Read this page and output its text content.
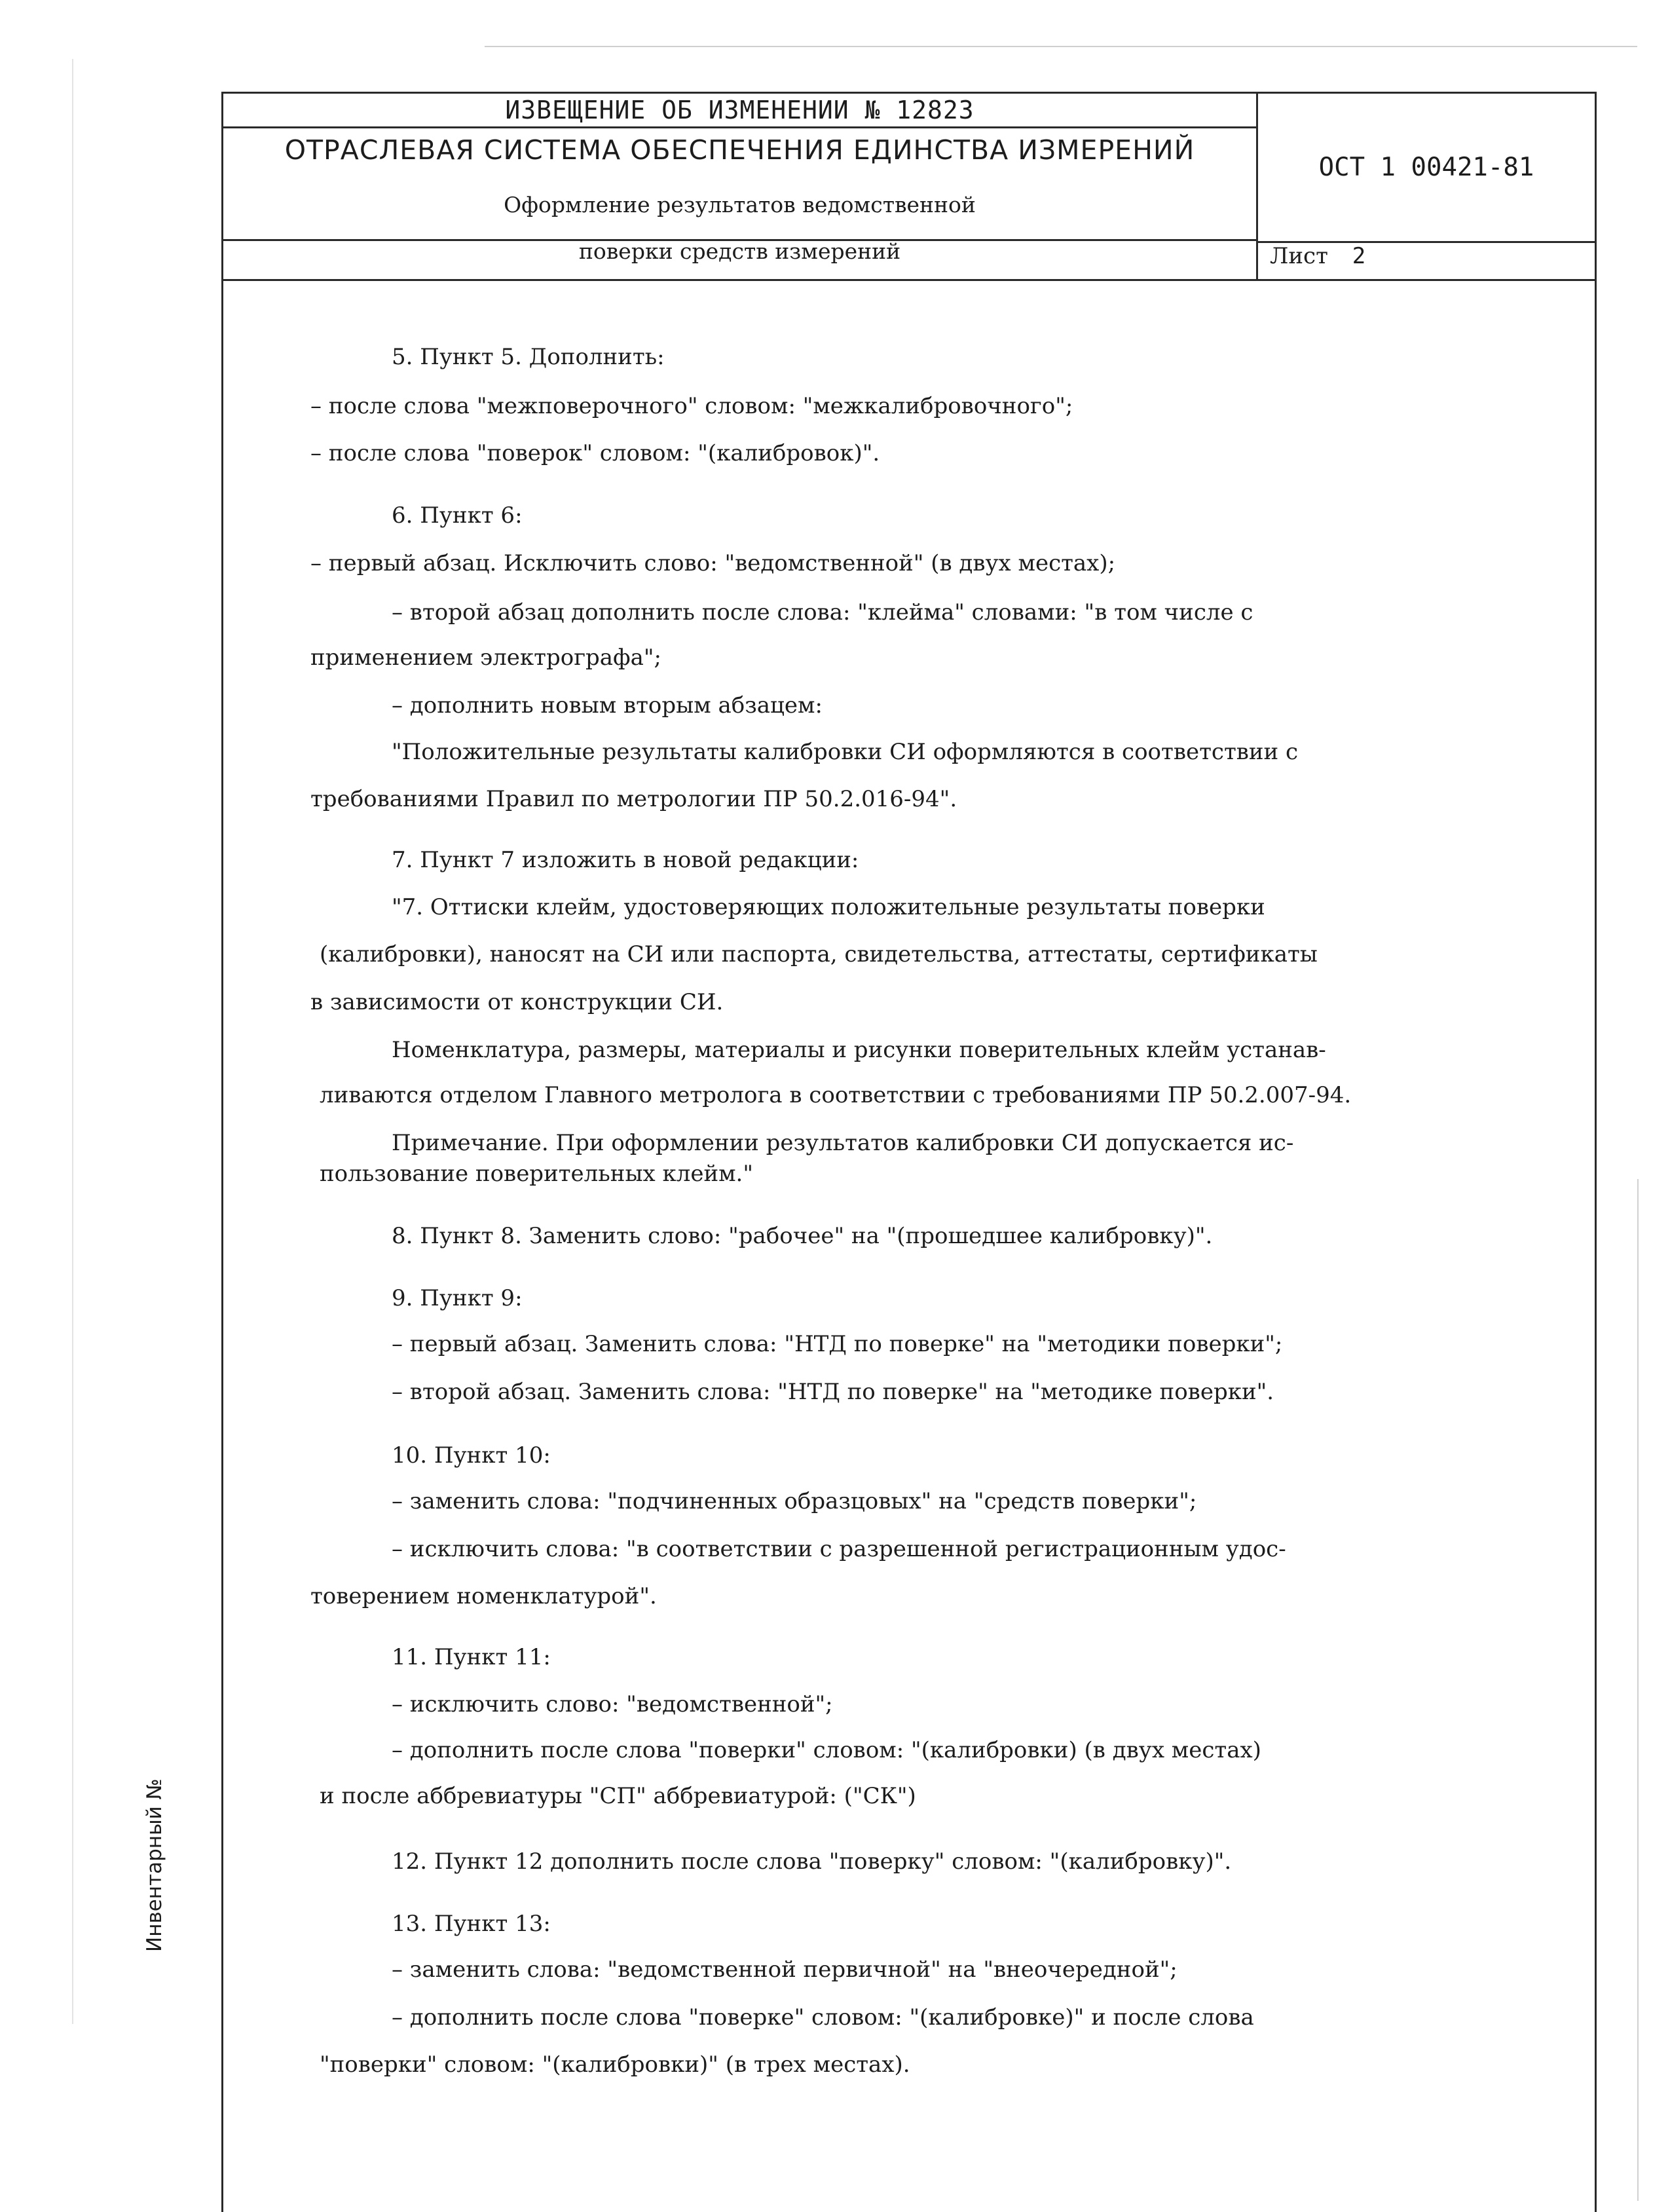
ИЗВЕЩЕНИЕ ОБ ИЗМЕНЕНИИ № 12823
ОТРАСЛЕВАЯ СИСТЕМА ОБЕСПЕЧЕНИЯ ЕДИНСТВА ИЗМЕРЕНИЙ
Оформление результатов ведомственной
поверки средств измерений
ОСТ 1 00421-81
Лист 2
5. Пункт 5. Дополнить:
– после слова "межповерочного" словом: "межкалибровочного";
– после слова "поверок" словом: "(калибровок)".
6. Пункт 6:
– первый абзац. Исключить слово: "ведомственной" (в двух местах);
– второй абзац дополнить после слова: "клейма" словами: "в том числе с
применением электрографа";
– дополнить новым вторым абзацем:
"Положительные результаты калибровки СИ оформляются в соответствии с
требованиями Правил по метрологии ПР 50.2.016-94".
7. Пункт 7 изложить в новой редакции:
"7. Оттиски клейм, удостоверяющих положительные результаты поверки
(калибровки), наносят на СИ или паспорта, свидетельства, аттестаты, сертификаты
в зависимости от конструкции СИ.
Номенклатура, размеры, материалы и рисунки поверительных клейм устанав-
ливаются отделом Главного метролога в соответствии с требованиями ПР 50.2.007-94.
Примечание. При оформлении результатов калибровки СИ допускается ис-
пользование поверительных клейм."
8. Пункт 8. Заменить слово: "рабочее" на "(прошедшее калибровку)".
9. Пункт 9:
– первый абзац. Заменить слова: "НТД по поверке" на "методики поверки";
– второй абзац. Заменить слова: "НТД по поверке" на "методике поверки".
10. Пункт 10:
– заменить слова: "подчиненных образцовых" на "средств поверки";
– исключить слова: "в соответствии с разрешенной регистрационным удос-
товерением номенклатурой".
11. Пункт 11:
– исключить слово: "ведомственной";
– дополнить после слова "поверки" словом: "(калибровки) (в двух местах)
и после аббревиатуры "СП" аббревиатурой: ("СК")
12. Пункт 12 дополнить после слова "поверку" словом: "(калибровку)".
13. Пункт 13:
– заменить слова: "ведомственной первичной" на "внеочередной";
– дополнить после слова "поверке" словом: "(калибровке)" и после слова
"поверки" словом: "(калибровки)" (в трех местах).
Инвентарный №
